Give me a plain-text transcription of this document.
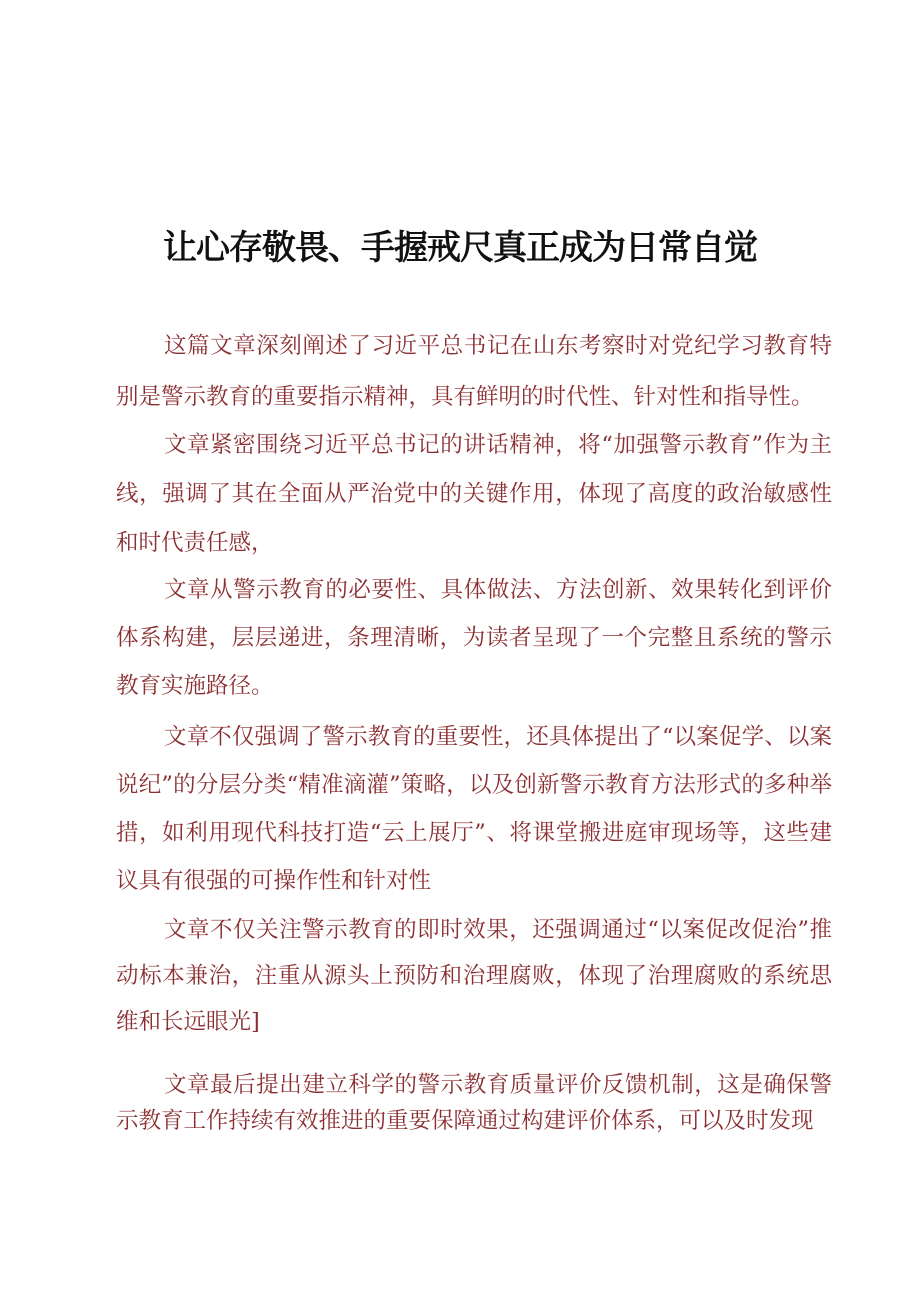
让心存敬畏、手握戒尺真正成为日常自觉

这篇文章深刻阐述了习近平总书记在山东考察时对党纪学习教育特别是警示教育的重要指示精神，具有鲜明的时代性、针对性和指导性。

文章紧密围绕习近平总书记的讲话精神，将“加强警示教育”作为主线，强调了其在全面从严治党中的关键作用，体现了高度的政治敏感性和时代责任感，

文章从警示教育的必要性、具体做法、方法创新、效果转化到评价体系构建，层层递进，条理清晰，为读者呈现了一个完整且系统的警示教育实施路径。

文章不仅强调了警示教育的重要性，还具体提出了“以案促学、以案说纪”的分层分类“精准滴灌”策略，以及创新警示教育方法形式的多种举措，如利用现代科技打造“云上展厅”、将课堂搬进庭审现场等，这些建议具有很强的可操作性和针对性

文章不仅关注警示教育的即时效果，还强调通过“以案促改促治”推动标本兼治，注重从源头上预防和治理腐败，体现了治理腐败的系统思维和长远眼光]

文章最后提出建立科学的警示教育质量评价反馈机制，这是确保警示教育工作持续有效推进的重要保障通过构建评价体系，可以及时发现
